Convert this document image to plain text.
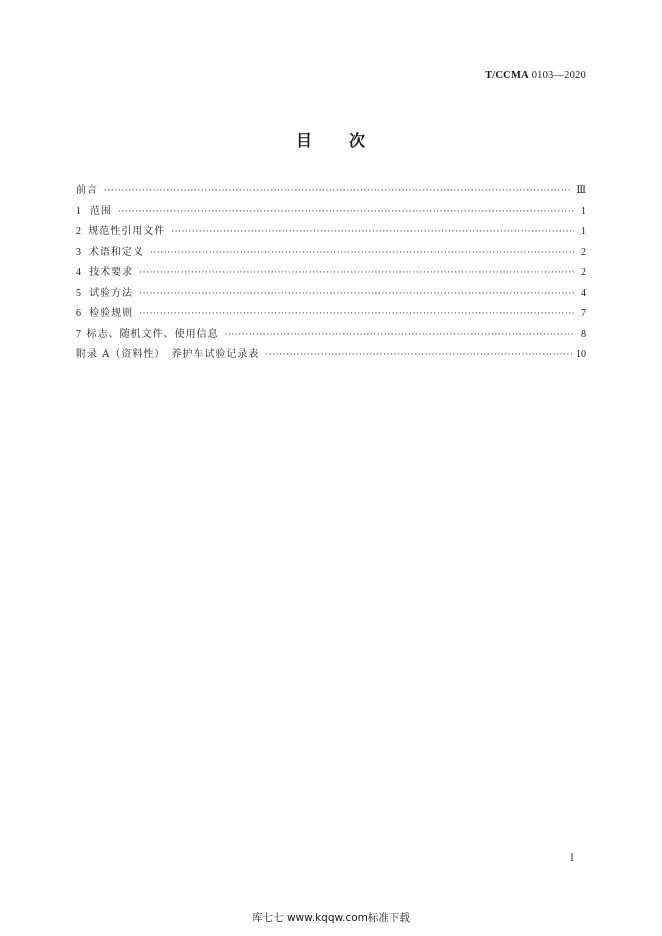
T/CCMA 0103—2020
目 次
前言 ·····	Ⅲ
1 范围 ·····	1
2 规范性引用文件 ·····	1
3 术语和定义 ·····	2
4 技术要求 ·····	2
5 试验方法 ·····	4
6 检验规则 ·····	7
7 标志、随机文件、使用信息 ·····	8
附录 A（资料性）　养护车试验记录表 ·····	10
Ⅰ
库七七 www.kqqw.com标准下载
